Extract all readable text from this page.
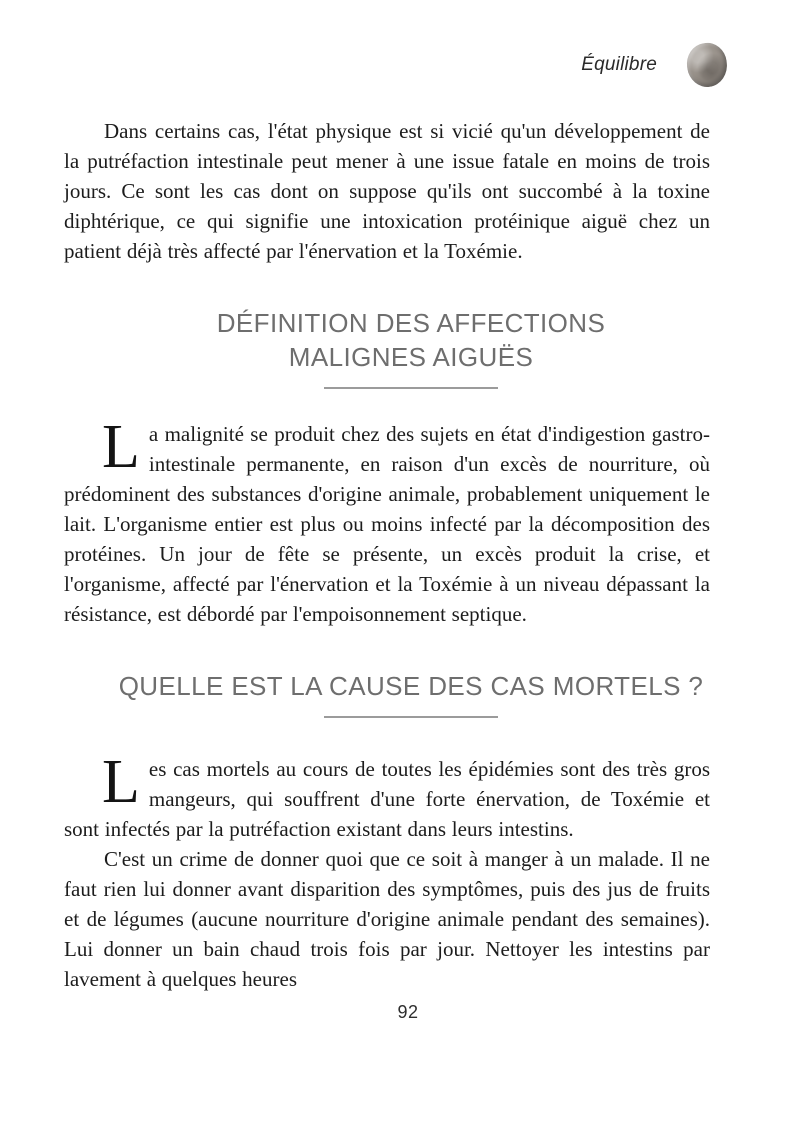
Équilibre

Dans certains cas, l'état physique est si vicié qu'un développement de la putréfaction intestinale peut mener à une issue fatale en moins de trois jours. Ce sont les cas dont on suppose qu'ils ont succombé à la toxine diphtérique, ce qui signifie une intoxication protéinique aiguë chez un patient déjà très affecté par l'énervation et la Toxémie.

DÉFINITION DES AFFECTIONS MALIGNES AIGUËS

La malignité se produit chez des sujets en état d'indigestion gastro-intestinale permanente, en raison d'un excès de nourriture, où prédominent des substances d'origine animale, probablement uniquement le lait. L'organisme entier est plus ou moins infecté par la décomposition des protéines. Un jour de fête se présente, un excès produit la crise, et l'organisme, affecté par l'énervation et la Toxémie à un niveau dépassant la résistance, est débordé par l'empoisonnement septique.

QUELLE EST LA CAUSE DES CAS MORTELS ?

Les cas mortels au cours de toutes les épidémies sont des très gros mangeurs, qui souffrent d'une forte énervation, de Toxémie et sont infectés par la putréfaction existant dans leurs intestins.

C'est un crime de donner quoi que ce soit à manger à un malade. Il ne faut rien lui donner avant disparition des symptômes, puis des jus de fruits et de légumes (aucune nourriture d'origine animale pendant des semaines). Lui donner un bain chaud trois fois par jour. Nettoyer les intestins par lavement à quelques heures

92
